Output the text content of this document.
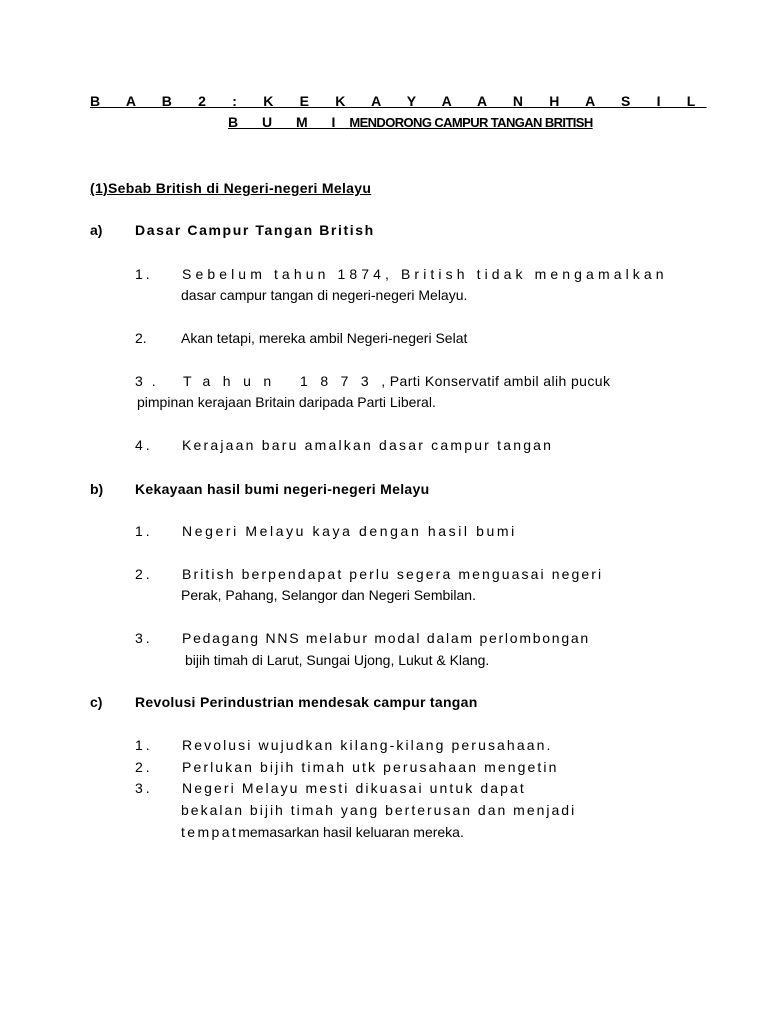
B A B 2 : K E K A Y A A N H A S I L
B U M I MENDORONG CAMPUR TANGAN BRITISH
(1)Sebab British di Negeri-negeri Melayu
a) Dasar Campur Tangan British
1. Sebelum tahun 1874, British tidak mengamalkan
dasar campur tangan di negeri-negeri Melayu.
2. Akan tetapi, mereka ambil Negeri-negeri Selat
3. Tahun 1873, Parti Konservatif ambil alih pucuk
pimpinan kerajaan Britain daripada Parti Liberal.
4. Kerajaan baru amalkan dasar campur tangan
b) Kekayaan hasil bumi negeri-negeri Melayu
1. Negeri Melayu kaya dengan hasil bumi
2. British berpendapat perlu segera menguasai negeri
Perak, Pahang, Selangor dan Negeri Sembilan.
3. Pedagang NNS melabur modal dalam perlombongan
bijih timah di Larut, Sungai Ujong, Lukut & Klang.
c) Revolusi Perindustrian mendesak campur tangan
1. Revolusi wujudkan kilang-kilang perusahaan.
2. Perlukan bijih timah utk perusahaan mengetin
3. Negeri Melayu mesti dikuasai untuk dapat
bekalan bijih timah yang berterusan dan menjadi
tempatmemasarkan hasil keluaran mereka.
